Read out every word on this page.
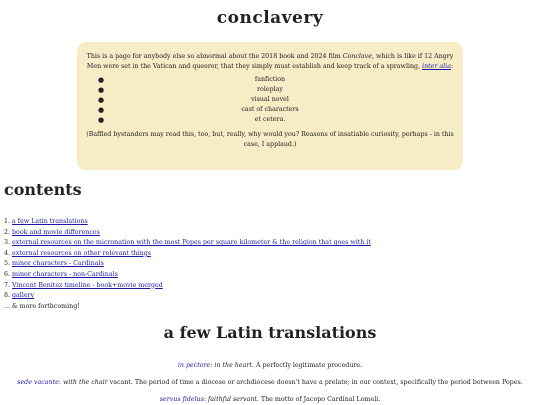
conclavery

This is a page for anybody else so abnormal about the 2018 book and 2024 film Conclave, which is like if 12 Angry Men were set in the Vatican and queerer, that they simply must establish and keep track of a sprawling, inter alia:

●	fanfiction
●	roleplay
●	visual novel
●	cast of characters
●	et cetera.

(Baffled bystanders may read this, too, but, really, why would you? Reasons of insatiable curiosity, perhaps - in this case, I applaud.)

contents
1. a few Latin translations
2. book and movie differences
3. external resources on the micronation with the most Popes per square kilometer & the religion that goes with it
4. external resources on other relevant things
5. minor characters - Cardinals
6. minor characters - non-Cardinals
7. Vincent Benitez timeline - book+movie merged
8. gallery
... & more forthcoming!
a few Latin translations

in pectore: in the heart. A perfectly legitimate procedure.

sede vacante: with the chair vacant. The period of time a diocese or archdiocese doesn't have a prelate; in our context, specifically the period between Popes.

servus fidelus: faithful servant. The motto of Jacopo Cardinal Lomeli.
